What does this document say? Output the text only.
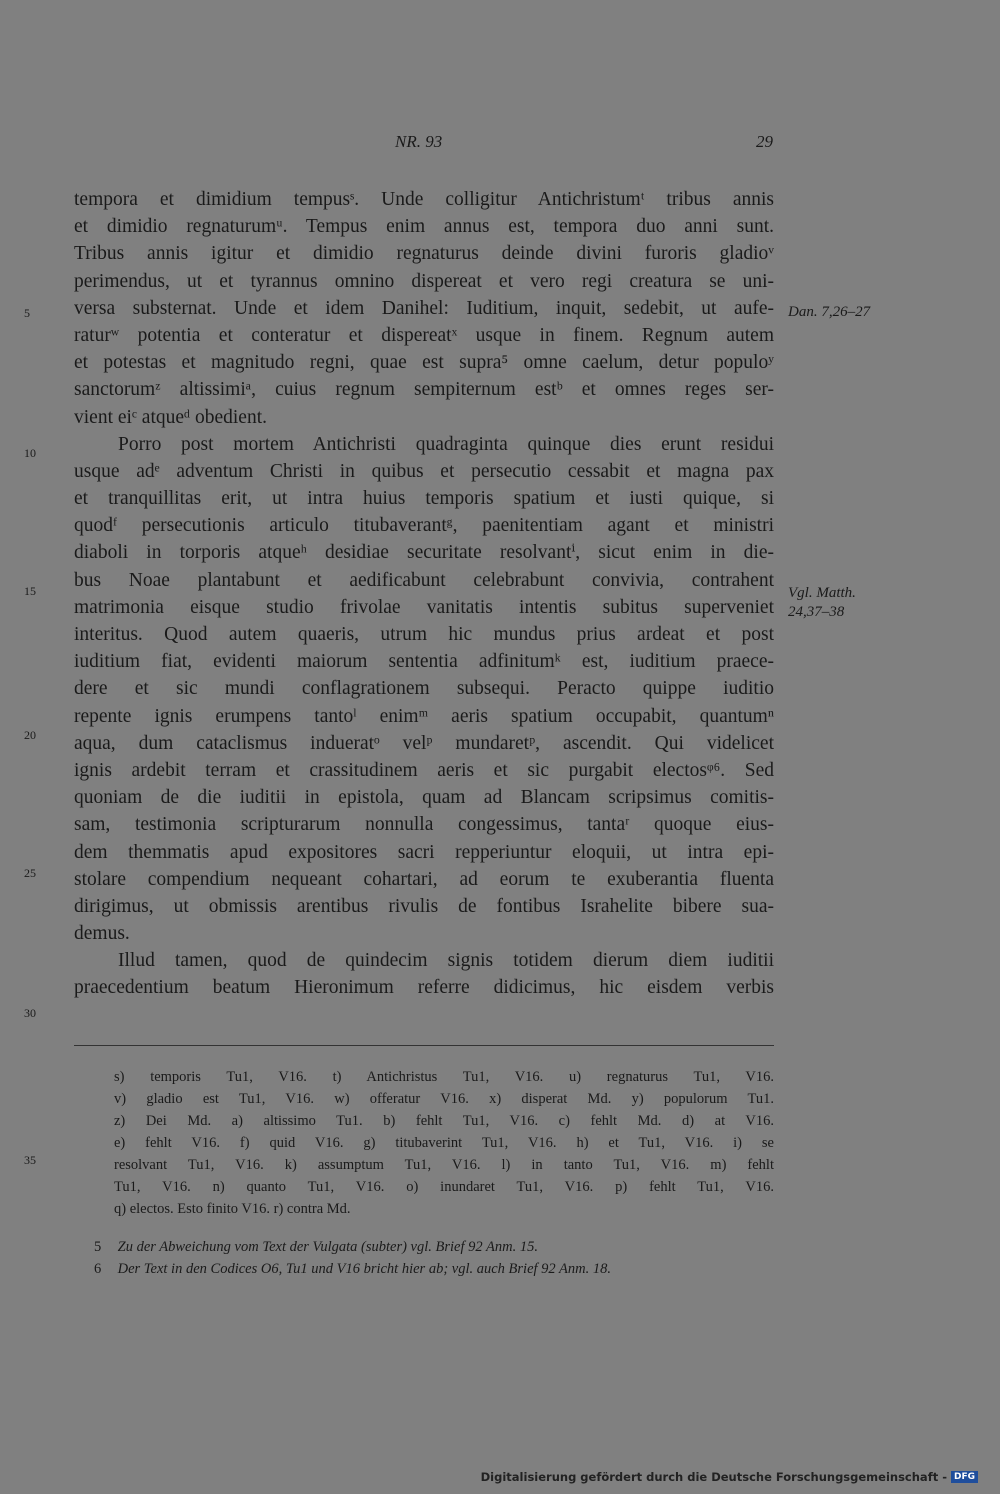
NR. 93	29
tempora et dimidium tempusˢ. Unde colligitur Antichristumᵗ tribus annis
et dimidio regnaturumᵘ. Tempus enim annus est, tempora duo anni sunt.
Tribus annis igitur et dimidio regnaturus deinde divini furoris gladioᵛ
perimendus, ut et tyrannus omnino dispereat et vero regi creatura se uni-
versa substernat. Unde et idem Danihel: Iuditium, inquit, sedebit, ut aufe-
raturʷ potentia et conteratur et dispereatˣ usque in finem. Regnum autem
et potestas et magnitudo regni, quae est supra⁵ omne caelum, detur populoʸ
sanctorumᶻ altissimiᵃ, cuius regnum sempiternum estᵇ et omnes reges ser-
vient eiᶜ atqueᵈ obedient.
Porro post mortem Antichristi quadraginta quinque dies erunt residui
usque adᵉ adventum Christi in quibus et persecutio cessabit et magna pax
et tranquillitas erit, ut intra huius temporis spatium et iusti quique, si
quodᶠ persecutionis articulo titubaverantᵍ, paenitentiam agant et ministri
diaboli in torporis atqueʰ desidiae securitate resolvantⁱ, sicut enim in die-
bus Noae plantabunt et aedificabunt celebrabunt convivia, contrahent
matrimonia eisque studio frivolae vanitatis intentis subitus superveniet
interitus. Quod autem quaeris, utrum hic mundus prius ardeat et post
iuditium fiat, evidenti maiorum sententia adfinitumᵏ est, iuditium praece-
dere et sic mundi conflagrationem subsequi. Peracto quippe iuditio
repente ignis erumpens tantoˡ enimᵐ aeris spatium occupabit, quantumⁿ
aqua, dum cataclismus indueratᵒ velᵖ mundaretᵖ, ascendit. Qui videlicet
ignis ardebit terram et crassitudinem aeris et sic purgabit electosᵠ⁶. Sed
quoniam de die iuditii in epistola, quam ad Blancam scripsimus comitis-
sam, testimonia scripturarum nonnulla congessimus, tantaʳ quoque eius-
dem themmatis apud expositores sacri repperiuntur eloquii, ut intra epi-
stolare compendium nequeant cohartari, ad eorum te exuberantia fluenta
dirigimus, ut obmissis arentibus rivulis de fontibus Israhelite bibere sua-
demus.
Illud tamen, quod de quindecim signis totidem dierum diem iuditii
praecedentium beatum Hieronimum referre didicimus, hic eisdem verbis
5
10
15
20
25
30
35
Dan. 7,26–27
Vgl. Matth.
24,37–38
s) temporis Tu1, V16. t) Antichristus Tu1, V16. u) regnaturus Tu1, V16.
v) gladio est Tu1, V16. w) offeratur V16. x) disperat Md. y) populorum Tu1.
z) Dei Md. a) altissimo Tu1. b) fehlt Tu1, V16. c) fehlt Md. d) at V16.
e) fehlt V16. f) quid V16. g) titubaverint Tu1, V16. h) et Tu1, V16. i) se
resolvant Tu1, V16. k) assumptum Tu1, V16. l) in tanto Tu1, V16. m) fehlt
Tu1, V16. n) quanto Tu1, V16. o) inundaret Tu1, V16. p) fehlt Tu1, V16.
q) electos. Esto finito V16. r) contra Md.
5 Zu der Abweichung vom Text der Vulgata (subter) vgl. Brief 92 Anm. 15.
6 Der Text in den Codices O6, Tu1 und V16 bricht hier ab; vgl. auch Brief 92 Anm. 18.
Digitalisierung gefördert durch die Deutsche Forschungsgemeinschaft - DFG
